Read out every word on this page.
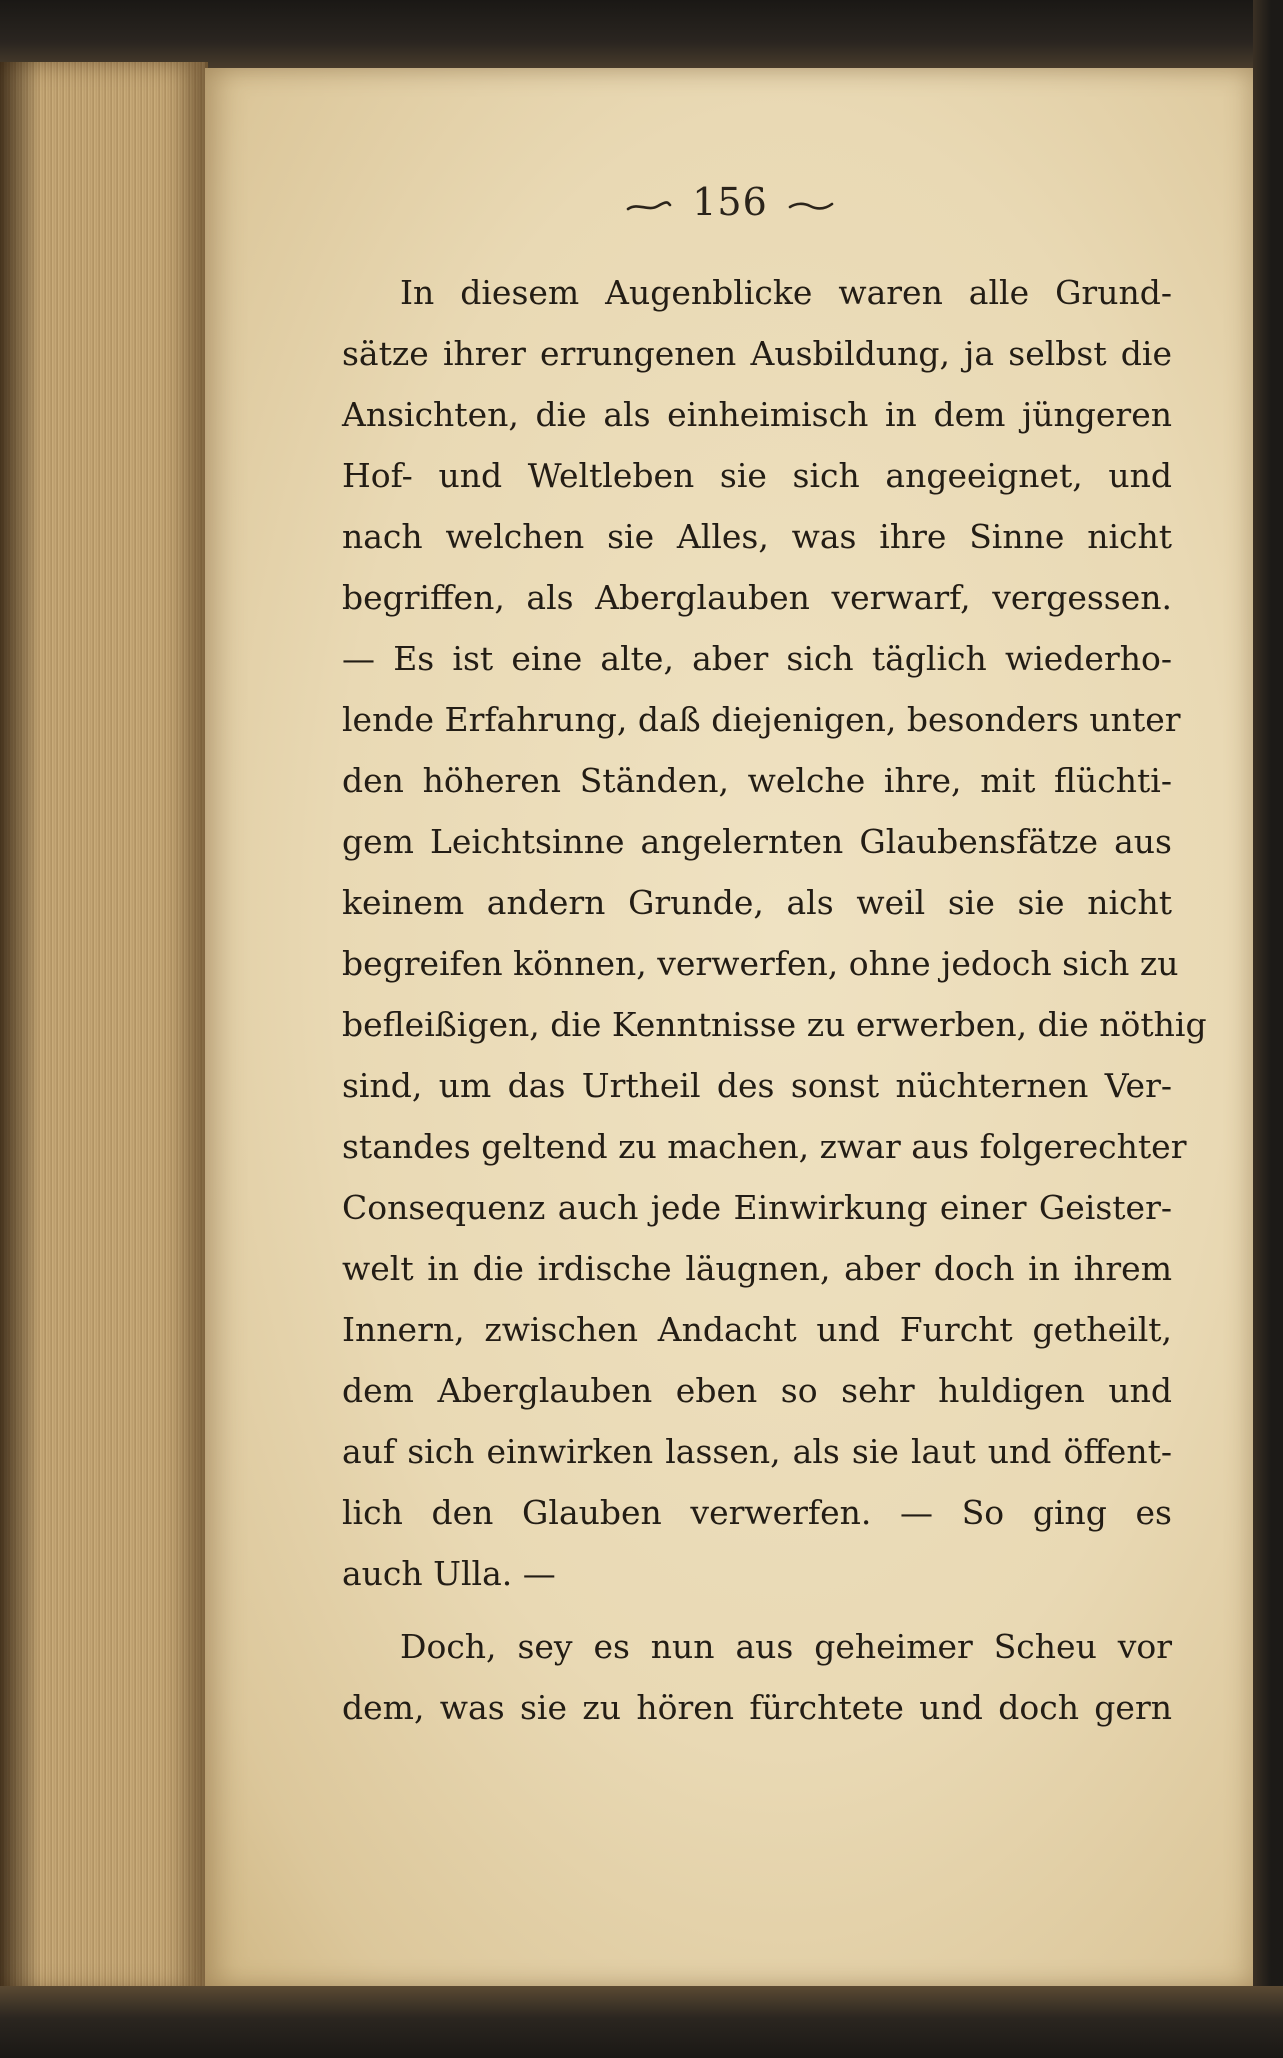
156
In diesem Augenblicke waren alle Grund-
sätze ihrer errungenen Ausbildung, ja selbst die
Ansichten, die als einheimisch in dem jüngeren
Hof- und Weltleben sie sich angeeignet, und
nach welchen sie Alles, was ihre Sinne nicht
begriffen, als Aberglauben verwarf, vergessen.
— Es ist eine alte, aber sich täglich wiederho-
lende Erfahrung, daß diejenigen, besonders unter
den höheren Ständen, welche ihre, mit flüchti-
gem Leichtsinne angelernten Glaubensfätze aus
keinem andern Grunde, als weil sie sie nicht
begreifen können, verwerfen, ohne jedoch sich zu
befleißigen, die Kenntnisse zu erwerben, die nöthig
sind, um das Urtheil des sonst nüchternen Ver-
standes geltend zu machen, zwar aus folgerechter
Consequenz auch jede Einwirkung einer Geister-
welt in die irdische läugnen, aber doch in ihrem
Innern, zwischen Andacht und Furcht getheilt,
dem Aberglauben eben so sehr huldigen und
auf sich einwirken lassen, als sie laut und öffent-
lich den Glauben verwerfen. — So ging es
auch Ulla. —
Doch, sey es nun aus geheimer Scheu vor
dem, was sie zu hören fürchtete und doch gern
